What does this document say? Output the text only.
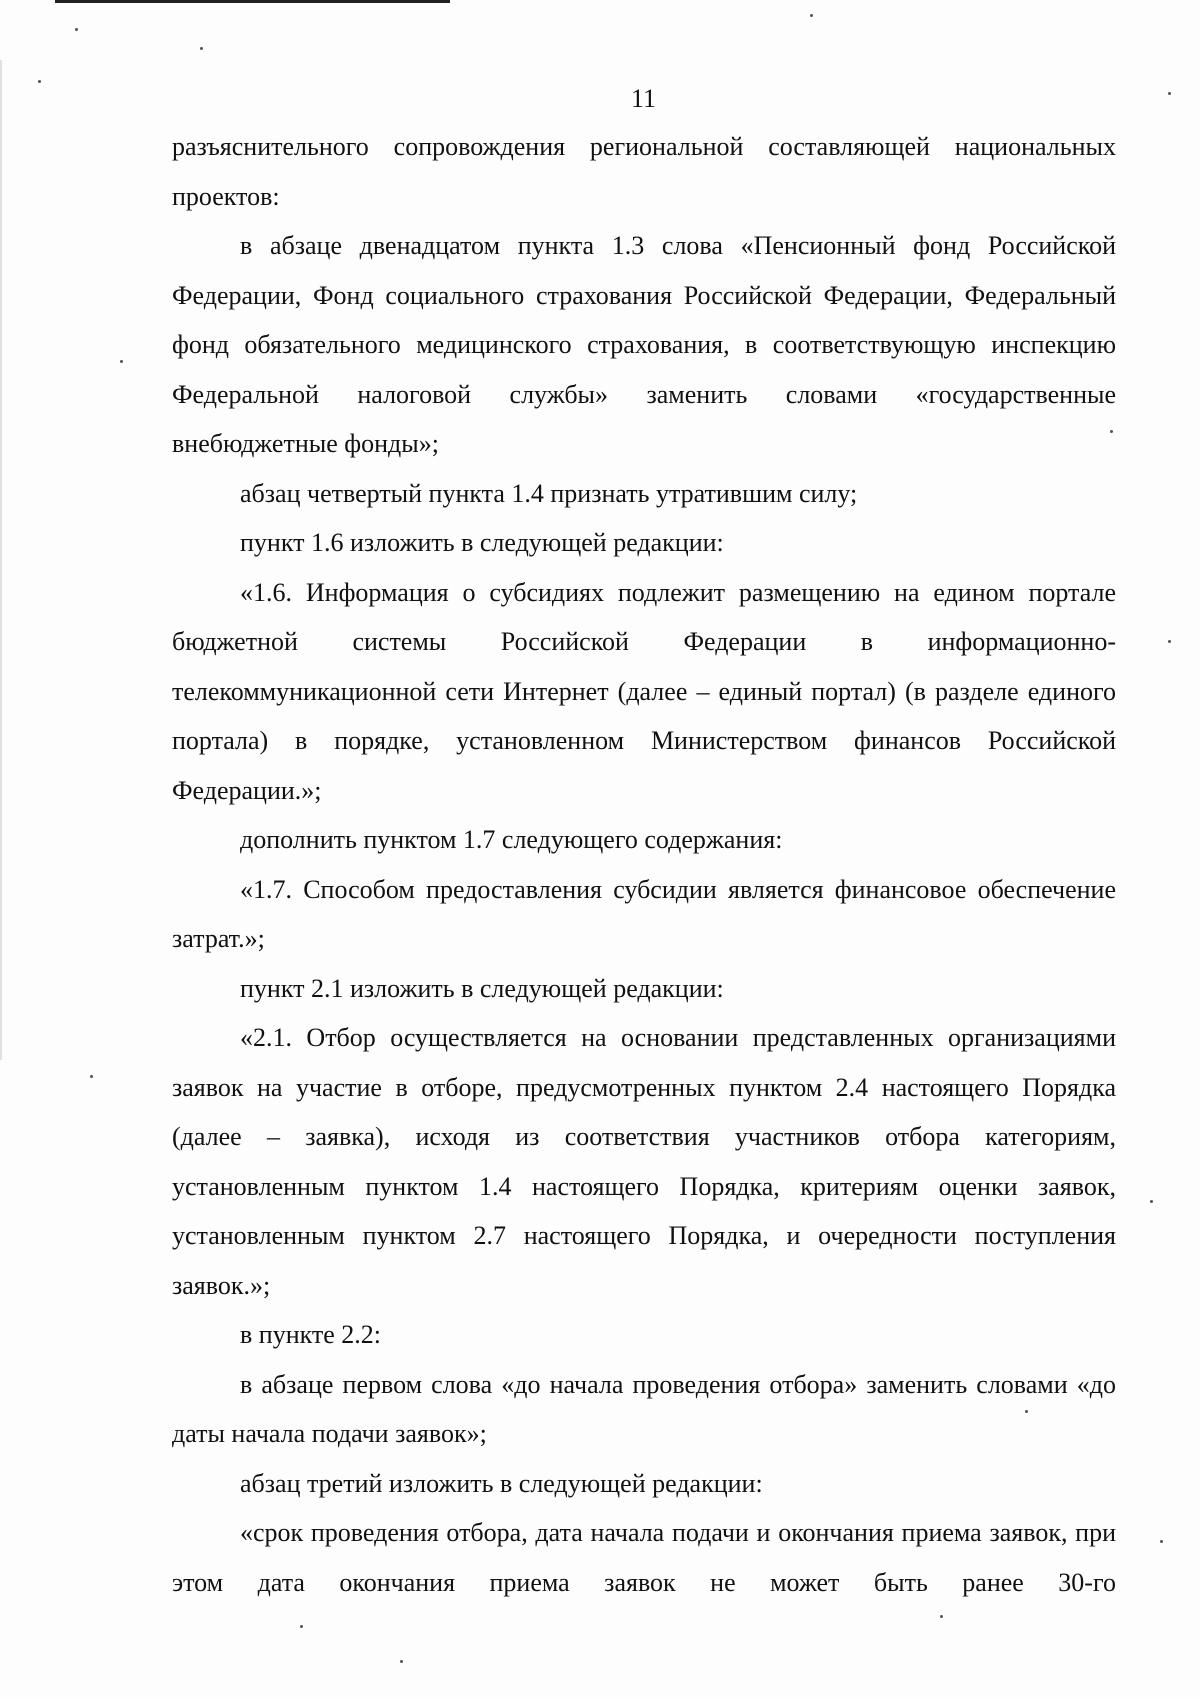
11

разъяснительного сопровождения региональной составляющей национальных проектов:

в абзаце двенадцатом пункта 1.3 слова «Пенсионный фонд Российской Федерации, Фонд социального страхования Российской Федерации, Федеральный фонд обязательного медицинского страхования, в соответствующую инспекцию Федеральной налоговой службы» заменить словами «государственные внебюджетные фонды»;

абзац четвертый пункта 1.4 признать утратившим силу;

пункт 1.6 изложить в следующей редакции:

«1.6. Информация о субсидиях подлежит размещению на едином портале бюджетной системы Российской Федерации в информационно-телекоммуникационной сети Интернет (далее – единый портал) (в разделе единого портала) в порядке, установленном Министерством финансов Российской Федерации.»;

дополнить пунктом 1.7 следующего содержания:

«1.7. Способом предоставления субсидии является финансовое обеспечение затрат.»;

пункт 2.1 изложить в следующей редакции:

«2.1. Отбор осуществляется на основании представленных организациями заявок на участие в отборе, предусмотренных пунктом 2.4 настоящего Порядка (далее – заявка), исходя из соответствия участников отбора категориям, установленным пунктом 1.4 настоящего Порядка, критериям оценки заявок, установленным пунктом 2.7 настоящего Порядка, и очередности поступления заявок.»;

в пункте 2.2:

в абзаце первом слова «до начала проведения отбора» заменить словами «до даты начала подачи заявок»;

абзац третий изложить в следующей редакции:

«срок проведения отбора, дата начала подачи и окончания приема заявок, при этом дата окончания приема заявок не может быть ранее 30-го
